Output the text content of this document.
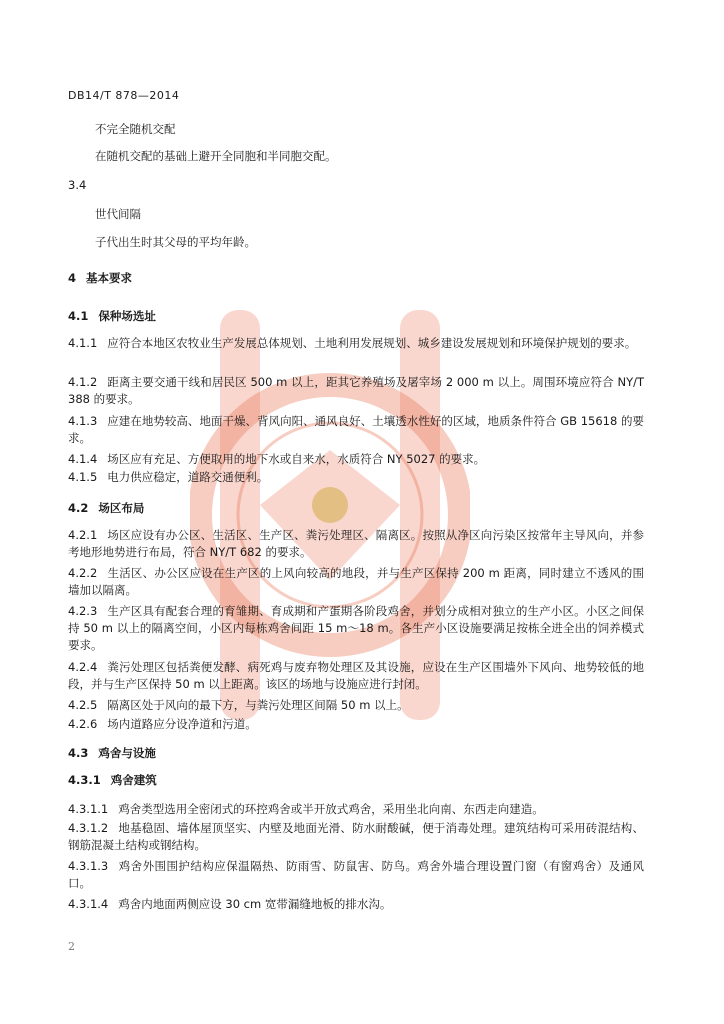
DB14/T 878—2014
不完全随机交配
在随机交配的基础上避开全同胞和半同胞交配。
3.4
世代间隔
子代出生时其父母的平均年龄。
4 基本要求
4.1 保种场选址
4.1.1 应符合本地区农牧业生产发展总体规划、土地利用发展规划、城乡建设发展规划和环境保护规划的要求。
4.1.2 距离主要交通干线和居民区 500 m 以上，距其它养殖场及屠宰场 2 000 m 以上。周围环境应符合 NY/T 388 的要求。
4.1.3 应建在地势较高、地面干燥、背风向阳、通风良好、土壤透水性好的区域，地质条件符合 GB 15618 的要求。
4.1.4 场区应有充足、方便取用的地下水或自来水，水质符合 NY 5027 的要求。
4.1.5 电力供应稳定，道路交通便利。
4.2 场区布局
4.2.1 场区应设有办公区、生活区、生产区、粪污处理区、隔离区。按照从净区向污染区按常年主导风向，并参考地形地势进行布局，符合 NY/T 682 的要求。
4.2.2 生活区、办公区应设在生产区的上风向较高的地段，并与生产区保持 200 m 距离，同时建立不透风的围墙加以隔离。
4.2.3 生产区具有配套合理的育雏期、育成期和产蛋期各阶段鸡舍，并划分成相对独立的生产小区。小区之间保持 50 m 以上的隔离空间，小区内每栋鸡舍间距 15 m～18 m。各生产小区设施要满足按栋全进全出的饲养模式要求。
4.2.4 粪污处理区包括粪便发酵、病死鸡与废弃物处理区及其设施，应设在生产区围墙外下风向、地势较低的地段，并与生产区保持 50 m 以上距离。该区的场地与设施应进行封闭。
4.2.5 隔离区处于风向的最下方，与粪污处理区间隔 50 m 以上。
4.2.6 场内道路应分设净道和污道。
4.3 鸡舍与设施
4.3.1 鸡舍建筑
4.3.1.1 鸡舍类型选用全密闭式的环控鸡舍或半开放式鸡舍，采用坐北向南、东西走向建造。
4.3.1.2 地基稳固、墙体屋顶坚实、内壁及地面光滑、防水耐酸碱，便于消毒处理。建筑结构可采用砖混结构、钢筋混凝土结构或钢结构。
4.3.1.3 鸡舍外围围护结构应保温隔热、防雨雪、防鼠害、防鸟。鸡舍外墙合理设置门窗（有窗鸡舍）及通风口。
4.3.1.4 鸡舍内地面两侧应设 30 cm 宽带漏缝地板的排水沟。
2
